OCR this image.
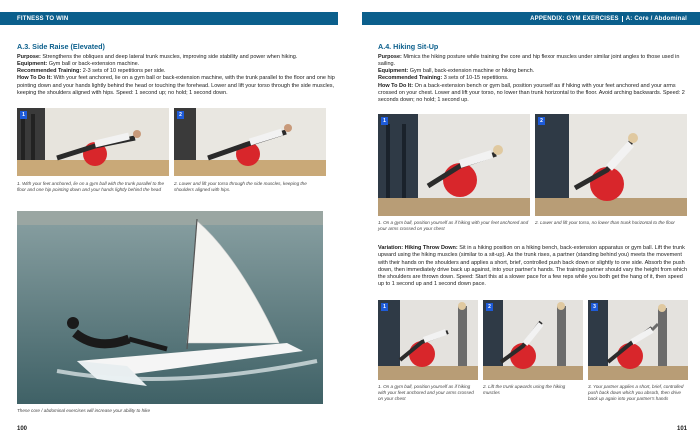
FITNESS TO WIN

A.3. Side Raise (Elevated)

Purpose: Strengthens the obliques and deep lateral trunk muscles, improving side stability and power when hiking.

Equipment: Gym ball or back-extension machine.

Recommended Training: 2-3 sets of 10 repetitions per side.

How To Do It: With your feet anchored, lie on a gym ball or back-extension machine, with the trunk parallel to the floor and one hip pointing down and your hands lightly behind the head or touching the forehead. Lower and lift your torso through the side muscles, keeping the shoulders aligned with hips. Speed: 1 second up; no hold; 1 second down.

1	2
1. With your feet anchored, lie on a gym ball with the trunk parallel to the floor and one hip pointing down and your hands lightly behind the head
2. Lower and lift your torso through the side muscles, keeping the shoulders aligned with hips.
These core / abdominal exercises will increase your ability to hike
100
APPENDIX: GYM EXERCISES	A: Core / Abdominal

A.4. Hiking Sit-Up

Purpose: Mimics the hiking posture while training the core and hip flexor muscles under similar joint angles to those used in sailing.

Equipment: Gym ball, back-extension machine or hiking bench.

Recommended Training: 3 sets of 10-15 repetitions.

How To Do It: On a back-extension bench or gym ball, position yourself as if hiking with your feet anchored and your arms crossed on your chest. Lower and lift your torso, no lower than trunk horizontal to the floor. Avoid arching backwards. Speed: 2 seconds down; no hold; 1 second up.

1	2
1. On a gym ball, position yourself as if hiking with your feet anchored and your arms crossed on your chest
2. Lower and lift your torso, no lower than trunk horizontal to the floor

Variation: Hiking Throw Down: Sit in a hiking position on a hiking bench, back-extension apparatus or gym ball. Lift the trunk upward using the hiking muscles (similar to a sit-up). As the trunk rises, a partner (standing behind you) meets the movement with their hands on the shoulders and applies a short, brief, controlled push back down or slightly to one side. Absorb the push down, then immediately drive back up against, into your partner's hands. The training partner should vary the height from which the shoulders are thrown down. Speed: Start this at a slower pace for a few reps while you both get the hang of it, then speed up to 1 second up and 1 second down pace.

1	2	3
1. On a gym ball, position yourself as if hiking with your feet anchored and your arms crossed on your chest
2. Lift the trunk upwards using the hiking muscles
3. Your partner applies a short, brief, controlled push back down which you absorb, then drive back up again into your partner's hands
101
